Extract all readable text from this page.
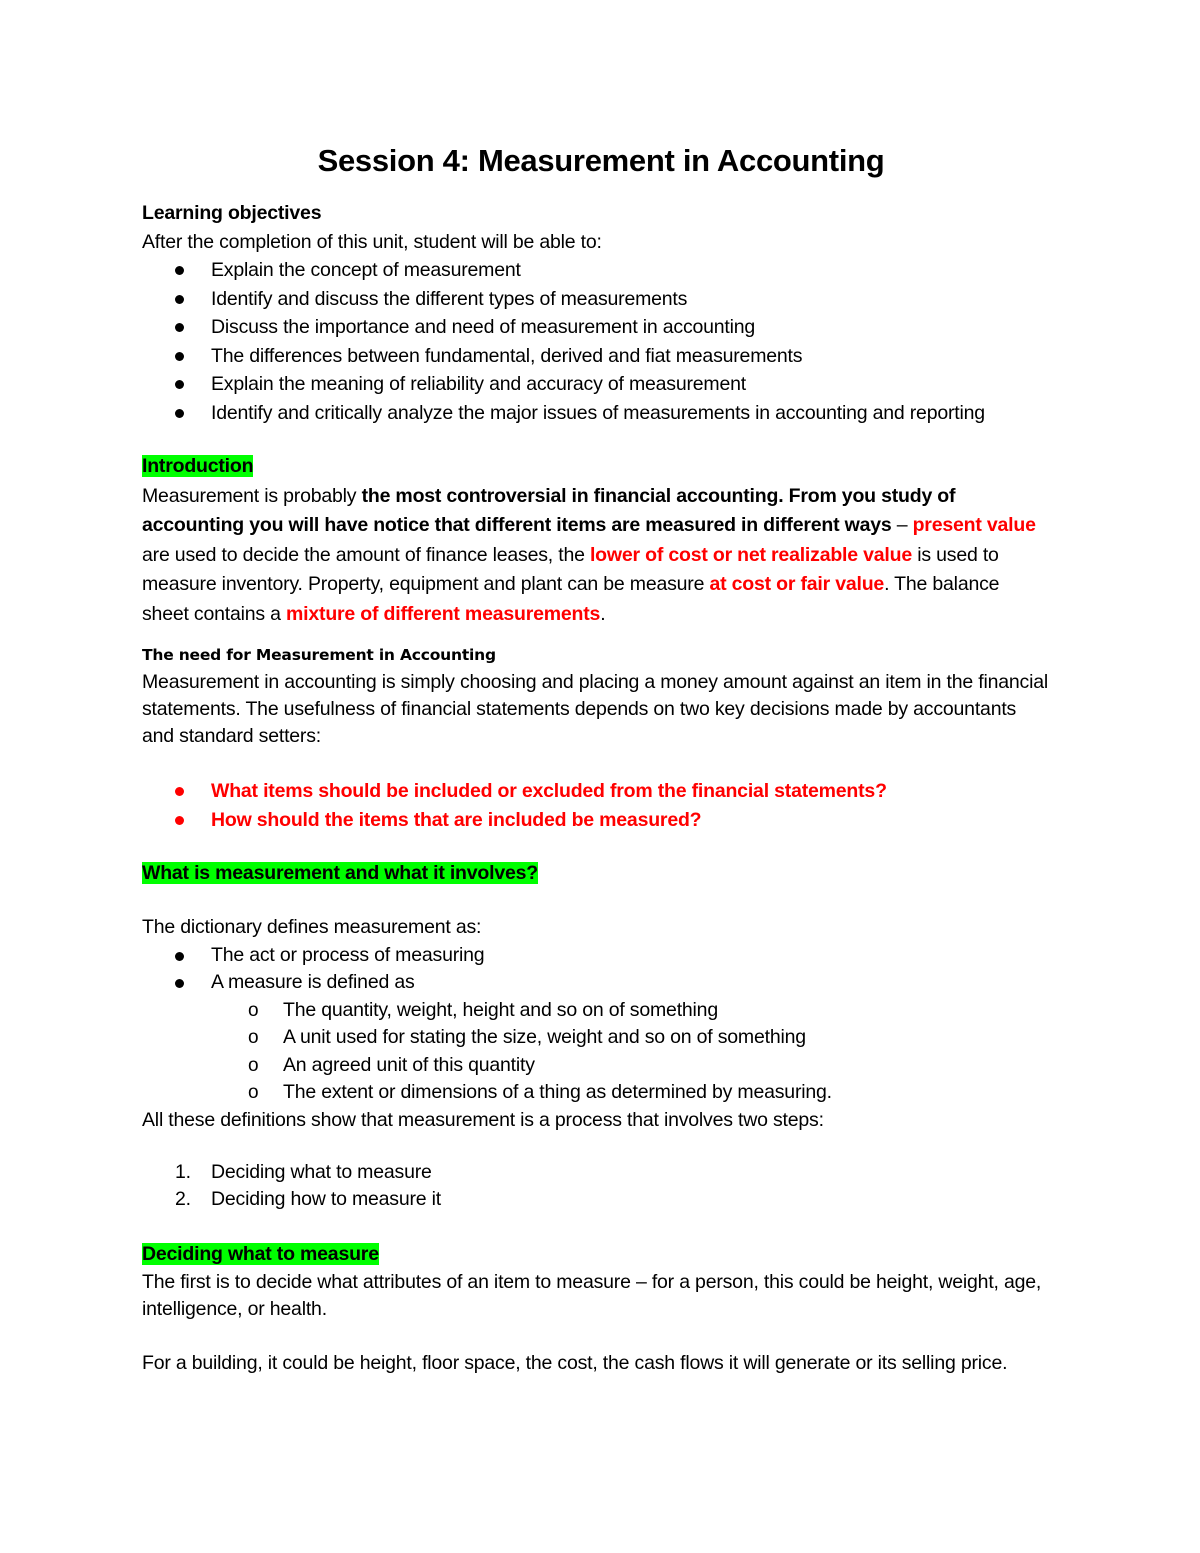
Session 4: Measurement in Accounting
Learning objectives
After the completion of this unit, student will be able to:
Explain the concept of measurement
Identify and discuss the different types of measurements
Discuss the importance and need of measurement in accounting
The differences between fundamental, derived and fiat measurements
Explain the meaning of reliability and accuracy of measurement
Identify and critically analyze the major issues of measurements in accounting and reporting
Introduction
Measurement is probably the most controversial in financial accounting. From you study of
accounting you will have notice that different items are measured in different ways – present value
are used to decide the amount of finance leases, the lower of cost or net realizable value is used to
measure inventory. Property, equipment and plant can be measure at cost or fair value. The balance
sheet contains a mixture of different measurements.
The need for Measurement in Accounting
Measurement in accounting is simply choosing and placing a money amount against an item in the financial
statements. The usefulness of financial statements depends on two key decisions made by accountants
and standard setters:
What items should be included or excluded from the financial statements?
How should the items that are included be measured?
What is measurement and what it involves?
The dictionary defines measurement as:
The act or process of measuring
A measure is defined as
o The quantity, weight, height and so on of something
o A unit used for stating the size, weight and so on of something
o An agreed unit of this quantity
o The extent or dimensions of a thing as determined by measuring.
All these definitions show that measurement is a process that involves two steps:
1. Deciding what to measure
2. Deciding how to measure it
Deciding what to measure
The first is to decide what attributes of an item to measure – for a person, this could be height, weight, age,
intelligence, or health.
For a building, it could be height, floor space, the cost, the cash flows it will generate or its selling price.
